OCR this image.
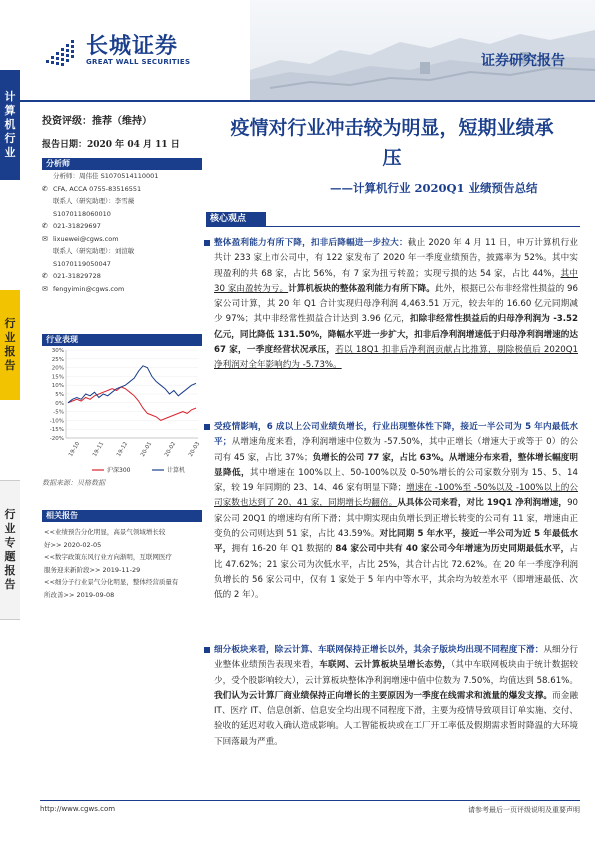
长城证券
GREAT WALL SECURITIES	证券研究报告
计
算
机
行
业
行
业
报
告
行
业
专
题
报
告
投资评级：推荐（维持）
报告日期：2020 年 04 月 11 日
分析师
分析师：周伟佳 S1070514110001
✆ CFA, ACCA 0755-83516551
联系人（研究助理）：李雪薇
S1070118060010
✆ 021-31829697
✉ lixuewei@cgws.com
联系人（研究助理）：刘渲敏
S1070119050047
✆ 021-31829728
✉ fengyimin@cgws.com
行业表现
30%
25%
20%
15%
10%
5%
0%
-5%
-10%
-15%
-20%
19-10 19-11 19-12 20-01 20-02 20-03
沪深300	计算机
数据来源：贝格数据
相关报告
<<业绩预告分化明显，高景气领域增长较
好>> 2020-02-05
<<数字政策东风行业方向渐明，互联网医疗
服务迎来新阶段>> 2019-11-29
<<细分子行业景气分化明显，整体经营质量有
所改善>> 2019-09-08
疫情对行业冲击较为明显，短期业绩承
压
——计算机行业 2020Q1 业绩预告总结
核心观点
整体盈利能力有所下降，扣非后降幅进一步拉大：截止 2020 年 4 月 11 日，申万计算机行业共计 233 家上市公司中，有 122 家发布了 2020 年一季度业绩预告，披露率为 52%。其中实现盈利的共 68 家，占比 56%，有 7 家为扭亏转盈；实现亏损的达 54 家，占比 44%，其中 30 家由盈转为亏。计算机板块的整体盈利能力有所下降。此外，根据已公布非经常性损益的 96 家公司计算，其 20 年 Q1 合计实现归母净利润 4,463.51 万元，较去年的 16.60 亿元同期减少 97%；其中非经常性损益合计达到 3.96 亿元，扣除非经常性损益后的归母净利润为 -3.52 亿元，同比降低 131.50%，降幅水平进一步扩大，扣非后净利润增速低于归母净利润增速的达 67 家，一季度经营状况承压，若以 18Q1 扣非后净利润贡献占比推算，剔除极值后 2020Q1 净利润对全年影响约为 -5.73%。
受疫情影响，6 成以上公司业绩负增长，行业出现整体性下降，接近一半公司为 5 年内最低水平；从增速角度来看，净利润增速中位数为 -57.50%，其中正增长（增速大于或等于 0）的公司有 45 家，占比 37%；负增长的公司 77 家，占比 63%。从增速分布来看，整体增长幅度明显降低，其中增速在 100%以上、50-100%以及 0-50%增长的公司家数分别为 15、5、14 家，较 19 年同期的 23、14、46 家有明显下降；增速在 -100%至 -50%以及 -100%以上的公司家数也达到了 20、41 家，同期增长均翻倍。从具体公司来看，对比 19Q1 净利润增速，90 家公司 20Q1 的增速均有所下滑；其中期实现由负增长到正增长转变的公司有 11 家，增速由正变负的公司则达到 51 家，占比 43.59%。对比同期 5 年水平，接近一半公司为近 5 年最低水平，拥有 16-20 年 Q1 数据的 84 家公司中共有 40 家公司今年增速为历史同期最低水平，占比 47.62%；21 家公司为次低水平，占比 25%，其合计占比 72.62%。在 20 年一季度净利润负增长的 56 家公司中，仅有 1 家处于 5 年内中等水平，其余均为较差水平（即增速最低、次低的 2 年）。
细分板块来看，除云计算、车联网保持正增长以外，其余子版块均出现不同程度下滑：从细分行业整体业绩预告表现来看，车联网、云计算板块呈增长态势，（其中车联网板块由于统计数据较少，受个股影响较大），云计算板块整体净利润增速中值中位数为 7.50%，均值达到 58.61%。我们认为云计算厂商业绩保持正向增长的主要原因为一季度在线需求和流量的爆发支撑。而金融 IT、医疗 IT、信息创新、信息安全均出现不同程度下滑，主要为疫情导致项目订单实施、交付、验收的延迟对收入确认造成影响。人工智能板块或在工厂开工率低及假期需求暂时降温的大环境下回落最为严重。
http://www.cgws.com	请参考最后一页评级说明及重要声明
